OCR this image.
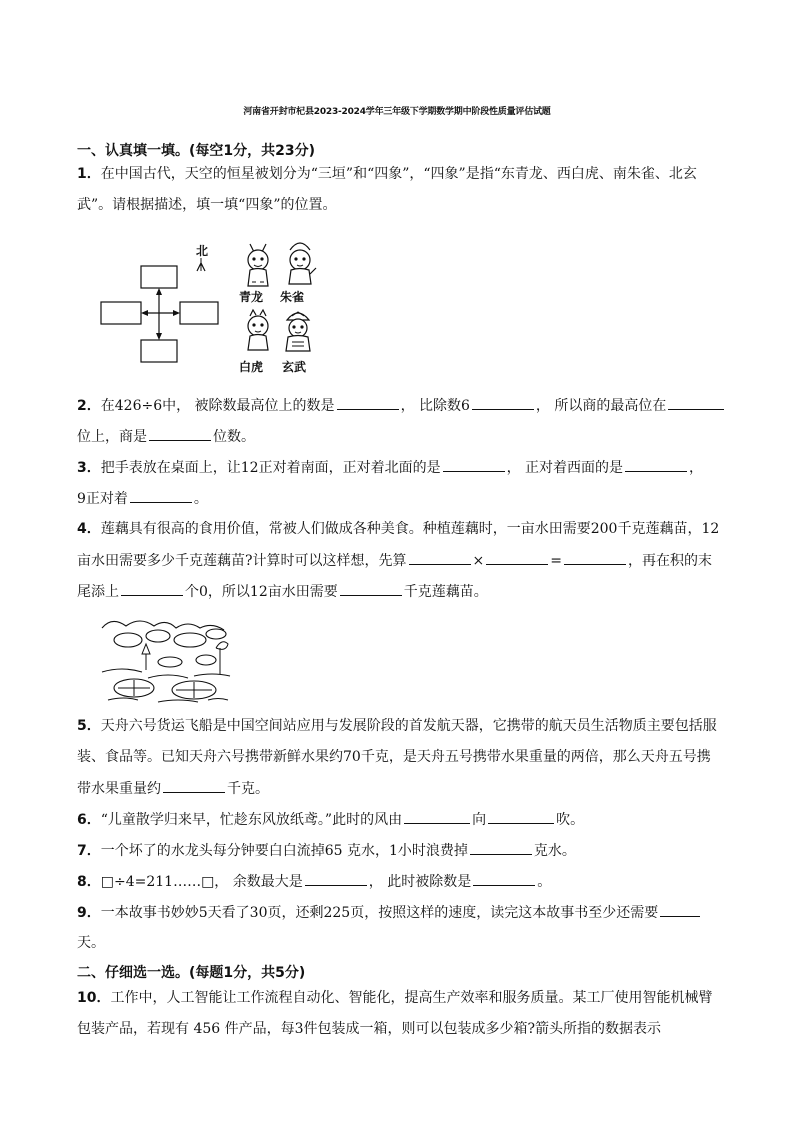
河南省开封市杞县2023-2024学年三年级下学期数学期中阶段性质量评估试题
一、认真填一填。(每空1分，共23分)
1．在中国古代，天空的恒星被划分为“三垣”和“四象”，“四象”是指“东青龙、西白虎、南朱雀、北玄
武”。请根据描述，填一填“四象”的位置。
北
青龙 朱雀
白虎 玄武
2．在426÷6中， 被除数最高位上的数是	， 比除数6	， 所以商的最高位在
位上，商是	位数。
3．把手表放在桌面上，让12正对着南面，正对着北面的是	， 正对着西面的是	，
9正对着	。
4．莲藕具有很高的食用价值，常被人们做成各种美食。种植莲藕时，一亩水田需要200千克莲藕苗，12
亩水田需要多少千克莲藕苗?计算时可以这样想，先算	×	=	，再在积的末
尾添上	个0，所以12亩水田需要	千克莲藕苗。
5．天舟六号货运飞船是中国空间站应用与发展阶段的首发航天器，它携带的航天员生活物质主要包括服
装、食品等。已知天舟六号携带新鲜水果约70千克，是天舟五号携带水果重量的两倍，那么天舟五号携
带水果重量约	千克。
6．“儿童散学归来早，忙趁东风放纸鸢。”此时的风由	向	吹。
7．一个坏了的水龙头每分钟要白白流掉65 克水，1小时浪费掉	克水。
8．□÷4=211……□， 余数最大是	， 此时被除数是	。
9．一本故事书妙妙5天看了30页，还剩225页，按照这样的速度，读完这本故事书至少还需要
天。
二、仔细选一选。(每题1分，共5分)
10．工作中，人工智能让工作流程自动化、智能化，提高生产效率和服务质量。某工厂使用智能机械臂
包装产品，若现有 456 件产品，每3件包装成一箱，则可以包装成多少箱?箭头所指的数据表示
